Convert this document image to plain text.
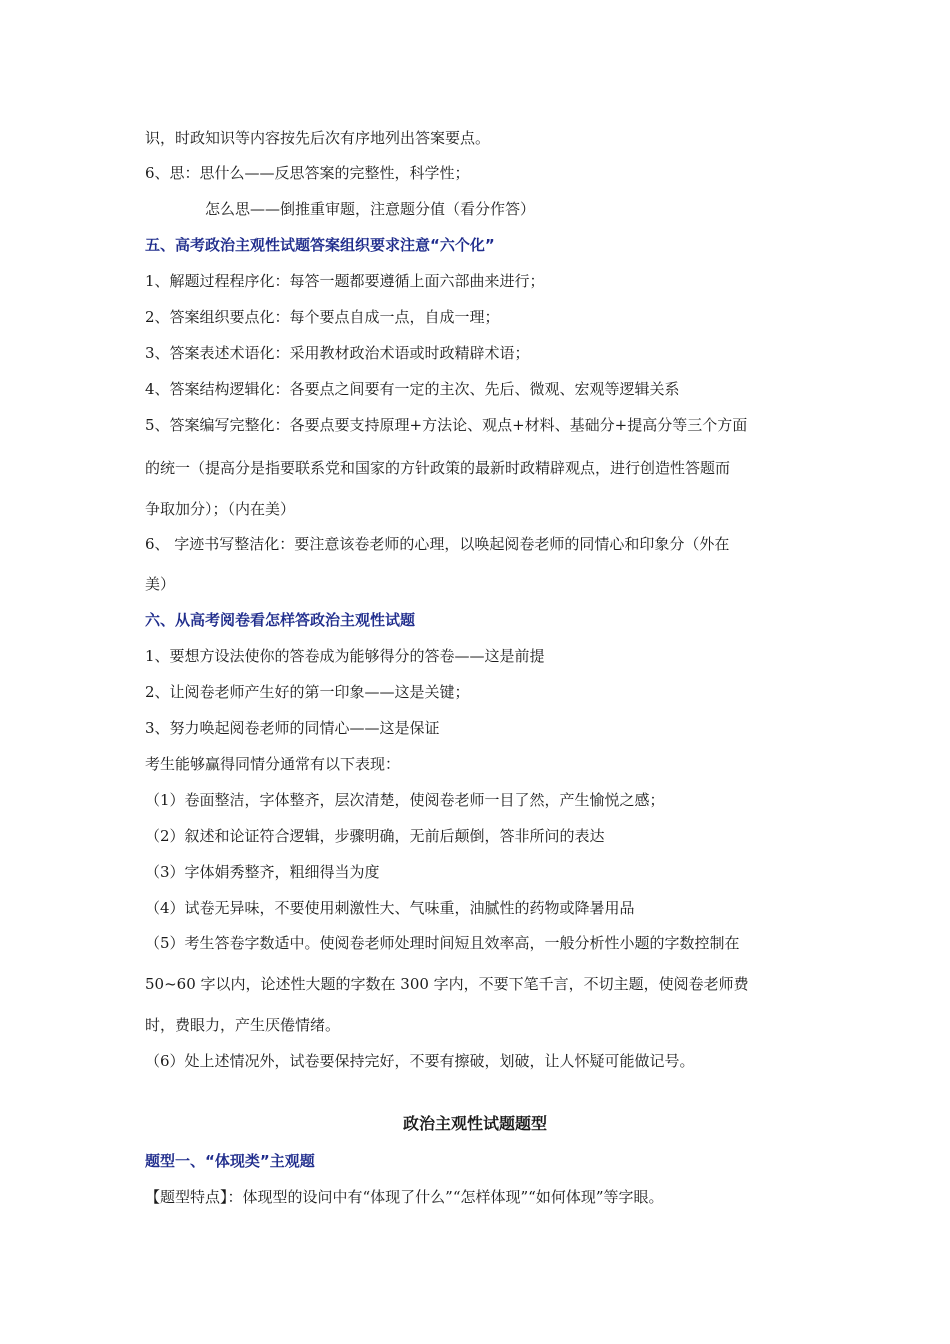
识，时政知识等内容按先后次有序地列出答案要点。
6、思：思什么——反思答案的完整性，科学性；
怎么思——倒推重审题，注意题分值（看分作答）
五、高考政治主观性试题答案组织要求注意“六个化”
1、解题过程程序化：每答一题都要遵循上面六部曲来进行；
2、答案组织要点化：每个要点自成一点，自成一理；
3、答案表述术语化：采用教材政治术语或时政精辟术语；
4、答案结构逻辑化：各要点之间要有一定的主次、先后、微观、宏观等逻辑关系
5、答案编写完整化：各要点要支持原理+方法论、观点+材料、基础分+提高分等三个方面
的统一（提高分是指要联系党和国家的方针政策的最新时政精辟观点，进行创造性答题而
争取加分）；（内在美）
6、 字迹书写整洁化：要注意该卷老师的心理，以唤起阅卷老师的同情心和印象分（外在
美）
六、从高考阅卷看怎样答政治主观性试题
1、要想方设法使你的答卷成为能够得分的答卷——这是前提
2、让阅卷老师产生好的第一印象——这是关键；
3、努力唤起阅卷老师的同情心——这是保证
考生能够赢得同情分通常有以下表现：
（1）卷面整洁，字体整齐，层次清楚，使阅卷老师一目了然，产生愉悦之感；
（2）叙述和论证符合逻辑，步骤明确，无前后颠倒，答非所问的表达
（3）字体娟秀整齐，粗细得当为度
（4）试卷无异味，不要使用刺激性大、气味重，油腻性的药物或降暑用品
（5）考生答卷字数适中。使阅卷老师处理时间短且效率高，一般分析性小题的字数控制在
50~60 字以内，论述性大题的字数在 300 字内，不要下笔千言，不切主题，使阅卷老师费
时，费眼力，产生厌倦情绪。
（6）处上述情况外，试卷要保持完好，不要有擦破，划破，让人怀疑可能做记号。
政治主观性试题题型
题型一、“体现类”主观题
【题型特点】：体现型的设问中有“体现了什么”“怎样体现”“如何体现”等字眼。
